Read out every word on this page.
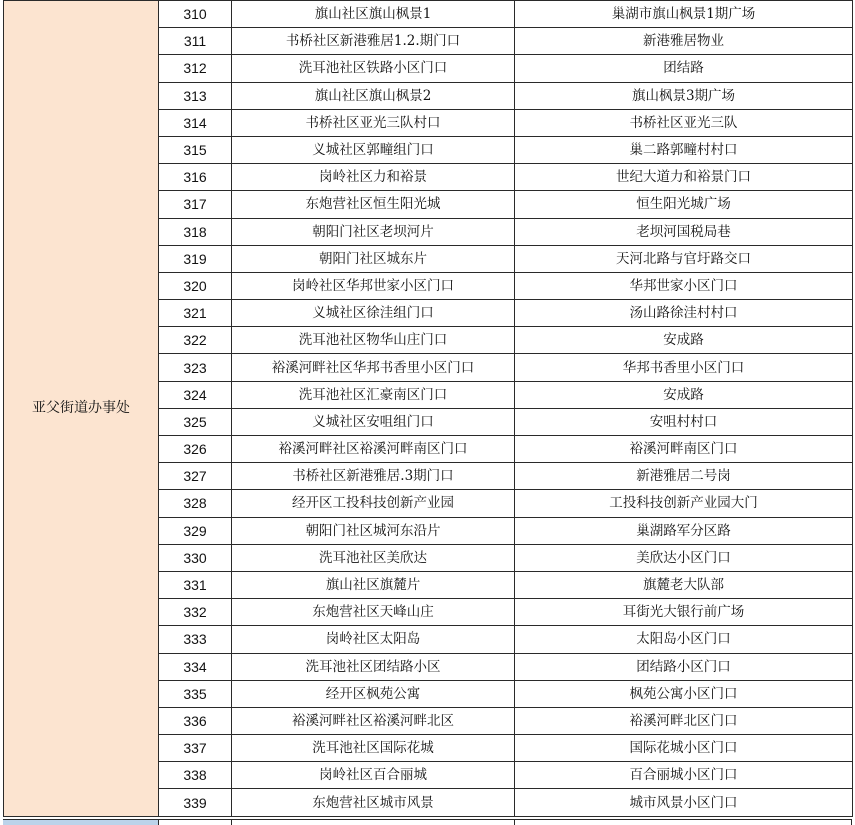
亚父街道办事处	310	旗山社区旗山枫景1	巢湖市旗山枫景1期广场
	311	书桥社区新港雅居1.2.期门口	新港雅居物业
	312	洗耳池社区铁路小区门口	团结路
	313	旗山社区旗山枫景2	旗山枫景3期广场
	314	书桥社区亚光三队村口	书桥社区亚光三队
	315	义城社区郭疃组门口	巢二路郭疃村村口
	316	岗岭社区力和裕景	世纪大道力和裕景门口
	317	东炮营社区恒生阳光城	恒生阳光城广场
	318	朝阳门社区老坝河片	老坝河国税局巷
	319	朝阳门社区城东片	天河北路与官圩路交口
	320	岗岭社区华邦世家小区门口	华邦世家小区门口
	321	义城社区徐洼组门口	汤山路徐洼村村口
	322	洗耳池社区物华山庄门口	安成路
	323	裕溪河畔社区华邦书香里小区门口	华邦书香里小区门口
	324	洗耳池社区汇豪南区门口	安成路
	325	义城社区安咀组门口	安咀村村口
	326	裕溪河畔社区裕溪河畔南区门口	裕溪河畔南区门口
	327	书桥社区新港雅居.3期门口	新港雅居二号岗
	328	经开区工投科技创新产业园	工投科技创新产业园大门
	329	朝阳门社区城河东沿片	巢湖路军分区路
	330	洗耳池社区美欣达	美欣达小区门口
	331	旗山社区旗麓片	旗麓老大队部
	332	东炮营社区天峰山庄	耳街光大银行前广场
	333	岗岭社区太阳岛	太阳岛小区门口
	334	洗耳池社区团结路小区	团结路小区门口
	335	经开区枫苑公寓	枫苑公寓小区门口
	336	裕溪河畔社区裕溪河畔北区	裕溪河畔北区门口
	337	洗耳池社区国际花城	国际花城小区门口
	338	岗岭社区百合丽城	百合丽城小区门口
	339	东炮营社区城市风景	城市风景小区门口
